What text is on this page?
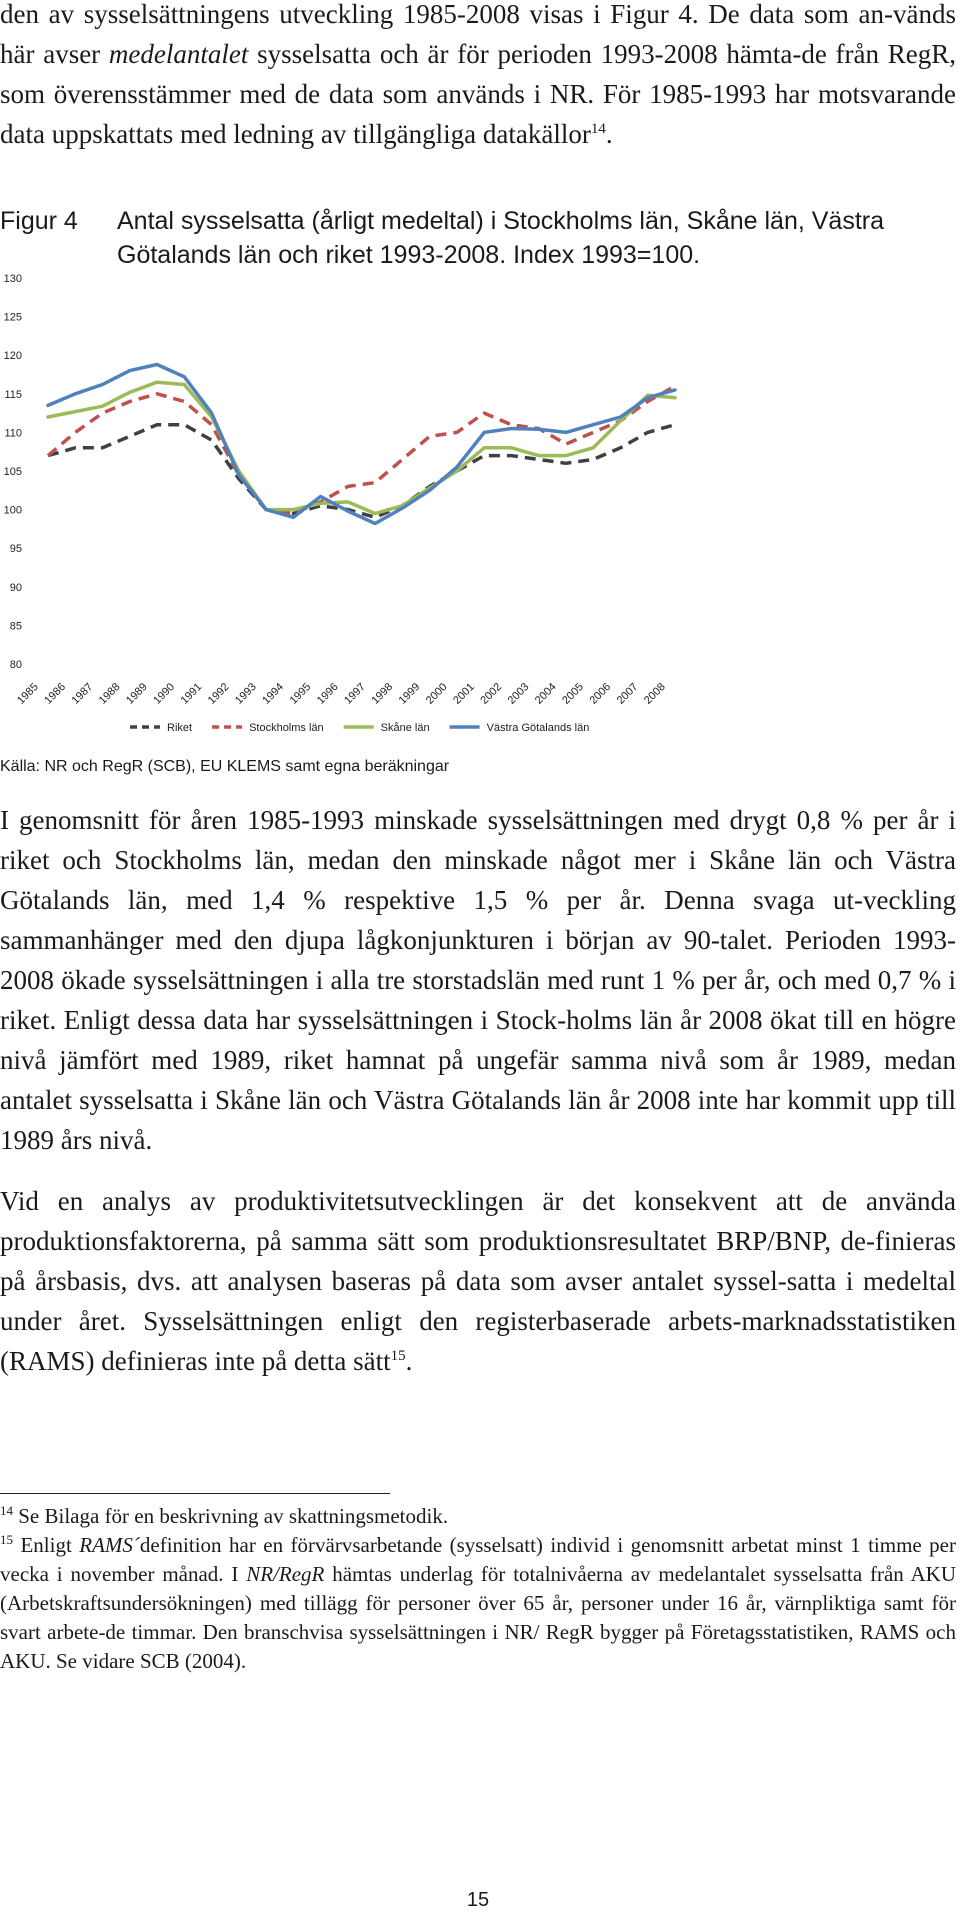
den av sysselsättningens utveckling 1985-2008 visas i Figur 4. De data som an-vänds här avser medelantalet sysselsatta och är för perioden 1993-2008 hämta-de från RegR, som överensstämmer med de data som används i NR. För 1985-1993 har motsvarande data uppskattats med ledning av tillgängliga datakällor$^{14}$.
Figur 4 Antal sysselsatta (årligt medeltal) i Stockholms län, Skåne län, Västra Götalands län och riket 1993-2008. Index 1993=100.
80
85
90
95
100
105
110
115
120
125
130
1985 1986 1987 1988 1989 1990 1991 1992 1993 1994 1995 1996 1997 1998 1999 2000 2001 2002 2003 2004 2005 2006 2007 2008
Riket	Stockholms län	Skåne län	Västra Götalands län
Källa: NR och RegR (SCB), EU KLEMS samt egna beräkningar
I genomsnitt för åren 1985-1993 minskade sysselsättningen med drygt 0,8 % per år i riket och Stockholms län, medan den minskade något mer i Skåne län och Västra Götalands län, med 1,4 % respektive 1,5 % per år. Denna svaga ut-veckling sammanhänger med den djupa lågkonjunkturen i början av 90-talet. Perioden 1993-2008 ökade sysselsättningen i alla tre storstadslän med runt 1 % per år, och med 0,7 % i riket. Enligt dessa data har sysselsättningen i Stock-holms län år 2008 ökat till en högre nivå jämfört med 1989, riket hamnat på ungefär samma nivå som år 1989, medan antalet sysselsatta i Skåne län och Västra Götalands län år 2008 inte har kommit upp till 1989 års nivå.
Vid en analys av produktivitetsutvecklingen är det konsekvent att de använda produktionsfaktorerna, på samma sätt som produktionsresultatet BRP/BNP, de-finieras på årsbasis, dvs. att analysen baseras på data som avser antalet syssel-satta i medeltal under året. Sysselsättningen enligt den registerbaserade arbets-marknadsstatistiken (RAMS) definieras inte på detta sätt$^{15}$.

$^{14}$ Se Bilaga för en beskrivning av skattningsmetodik.

$^{15}$ Enligt RAMS´definition har en förvärvsarbetande (sysselsatt) individ i genomsnitt arbetat minst 1 timme per vecka i november månad. I NR/RegR hämtas underlag för totalnivåerna av medelantalet sysselsatta från AKU (Arbetskraftsundersökningen) med tillägg för personer över 65 år, personer under 16 år, värnpliktiga samt för svart arbete-de timmar. Den branschvisa sysselsättningen i NR/ RegR bygger på Företagsstatistiken, RAMS och AKU. Se vidare SCB (2004).

15
